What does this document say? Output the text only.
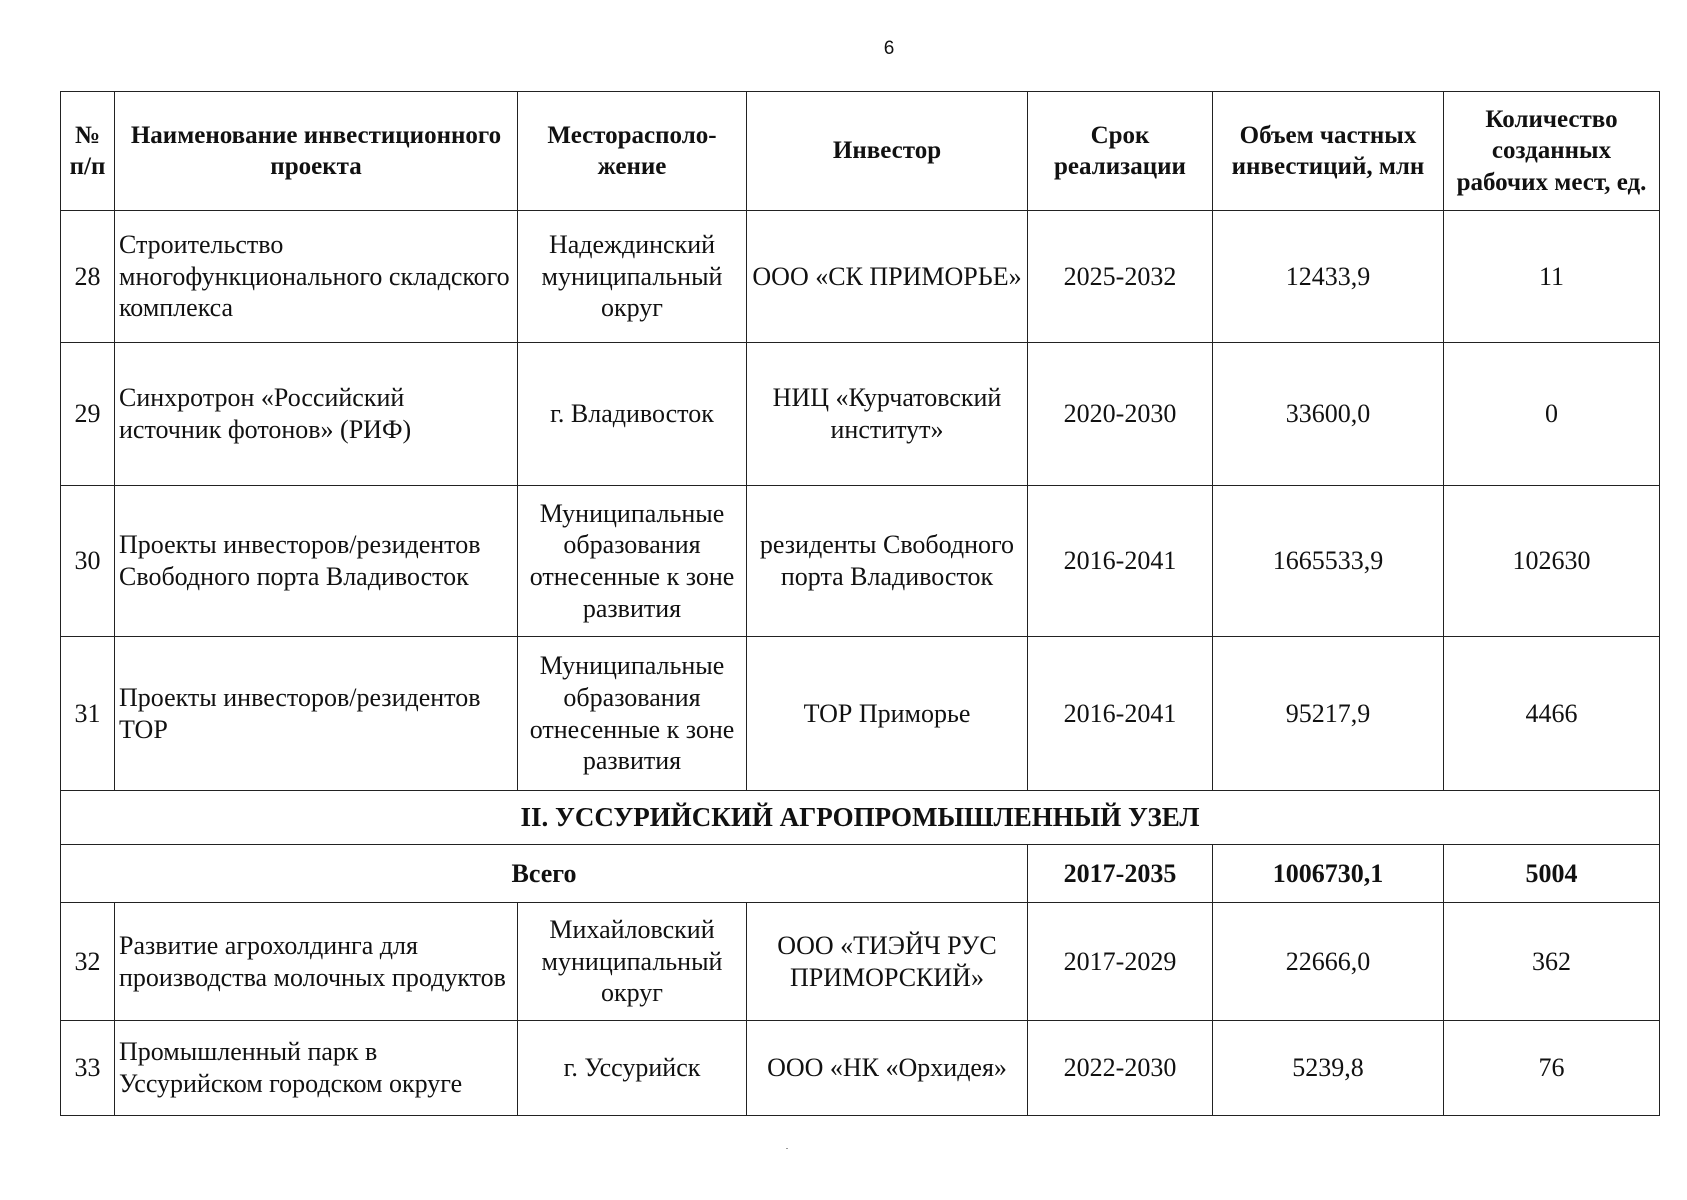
6
№ п/п	Наименование инвестиционного проекта	Месторасполо-жение	Инвестор	Срок реализации	Объем частных инвестиций, млн	Количество созданных рабочих мест, ед.
28	Строительство многофункционального складского комплекса	Надеждинский муниципальный округ	ООО «СК ПРИМОРЬЕ»	2025-2032	12433,9	11
29	Синхротрон «Российский источник фотонов» (РИФ)	г. Владивосток	НИЦ «Курчатовский институт»	2020-2030	33600,0	0
30	Проекты инвесторов/резидентов Свободного порта Владивосток	Муниципальные образования отнесенные к зоне развития	резиденты Свободного порта Владивосток	2016-2041	1665533,9	102630
31	Проекты инвесторов/резидентов ТОР	Муниципальные образования отнесенные к зоне развития	ТОР Приморье	2016-2041	95217,9	4466
II. УССУРИЙСКИЙ АГРОПРОМЫШЛЕННЫЙ УЗЕЛ						
Всего				2017-2035	1006730,1	5004
32	Развитие агрохолдинга для производства молочных продуктов	Михайловский муниципальный округ	ООО «ТИЭЙЧ РУС ПРИМОРСКИЙ»	2017-2029	22666,0	362
33	Промышленный парк в Уссурийском городском округе	г. Уссурийск	ООО «НК «Орхидея»	2022-2030	5239,8	76
